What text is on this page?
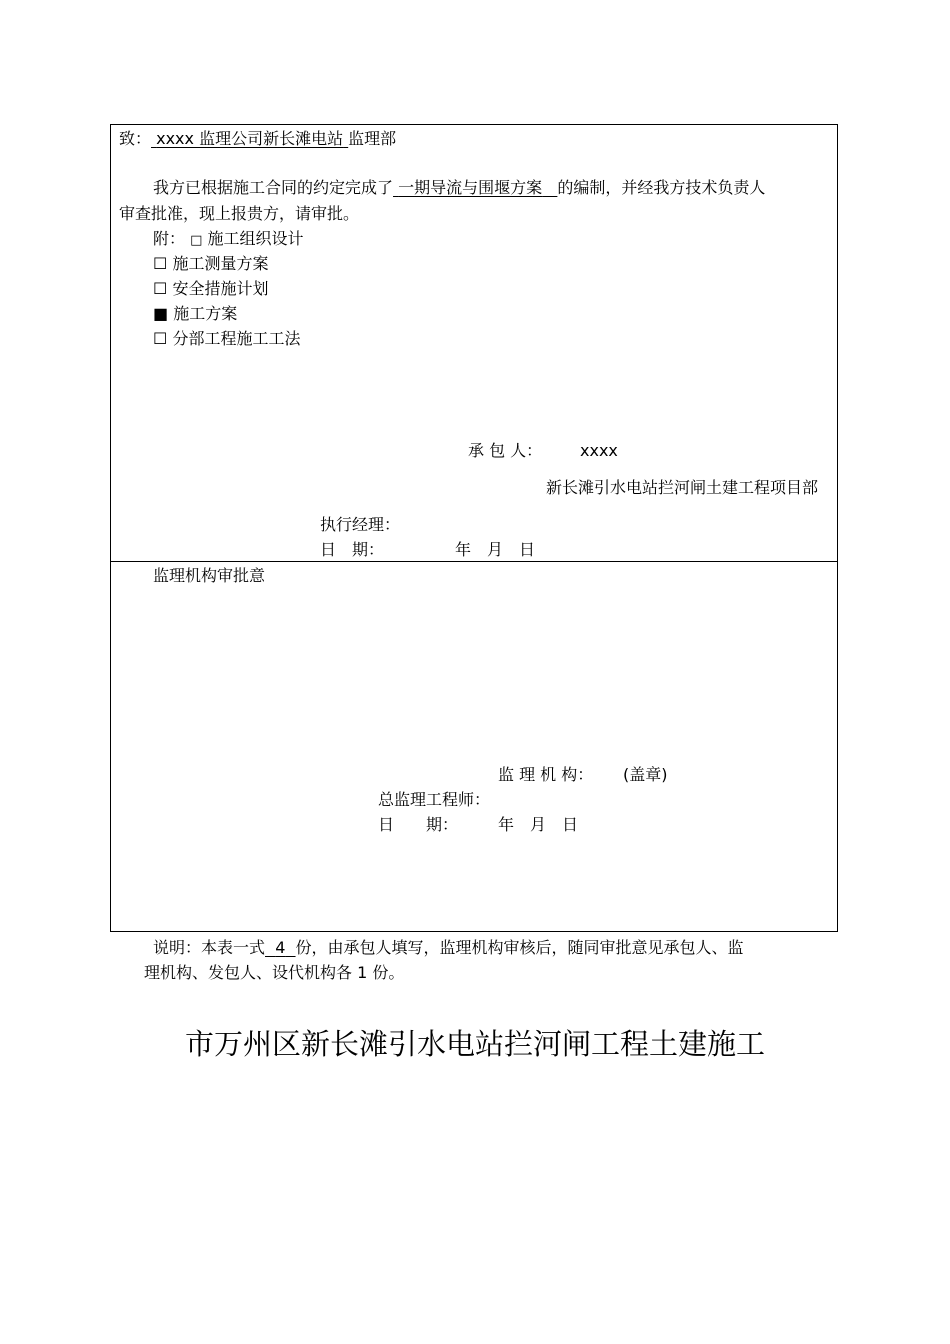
致： xxxx 监理公司新长滩电站 监理部
我方已根据施工合同的约定完成了 一期导流与围堰方案 的编制，并经我方技术负责人
审查批准，现上报贵方，请审批。
附： □ 施工组织设计
☐ 施工测量方案
☐ 安全措施计划
■ 施工方案
☐ 分部工程施工工法
承 包 人： xxxx
新长滩引水电站拦河闸土建工程项目部
执行经理：
日　期：	年　月　日
监理机构审批意
监 理 机 构： (盖章)
总监理工程师：
日　　期： 年　月　日
说明：本表一式 4 份，由承包人填写，监理机构审核后，随同审批意见承包人、监
理机构、发包人、设代机构各 1 份。
市万州区新长滩引水电站拦河闸工程土建施工
